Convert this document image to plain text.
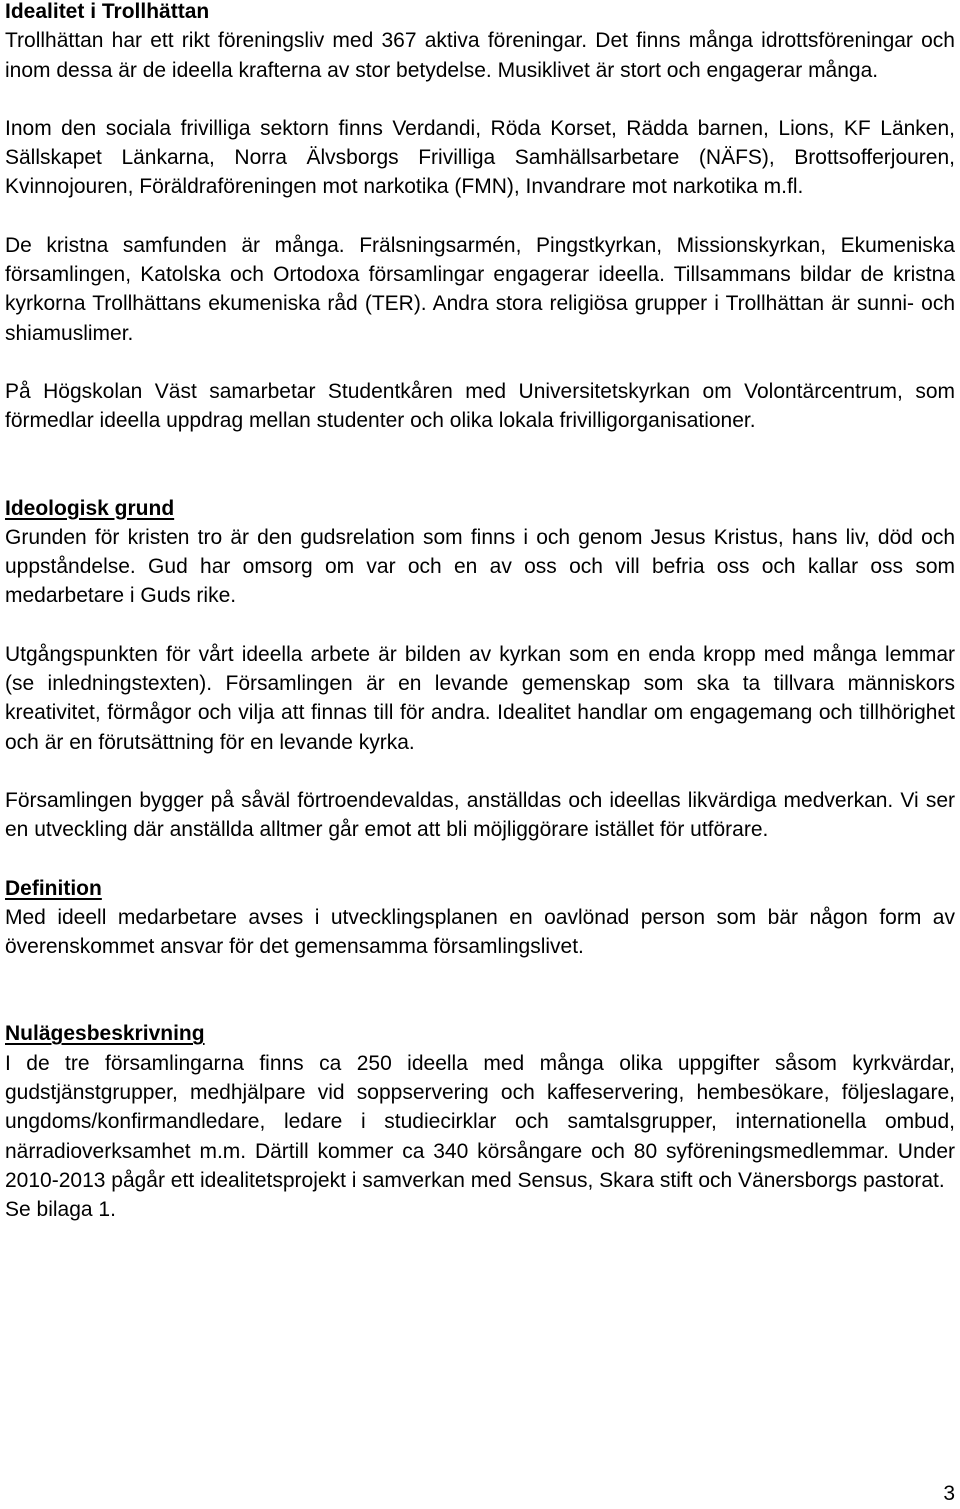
Idealitet i Trollhättan

Trollhättan har ett rikt föreningsliv med 367 aktiva föreningar. Det finns många idrottsföreningar och inom dessa är de ideella krafterna av stor betydelse. Musiklivet är stort och engagerar många.

Inom den sociala frivilliga sektorn finns Verdandi, Röda Korset, Rädda barnen, Lions, KF Länken, Sällskapet Länkarna, Norra Älvsborgs Frivilliga Samhällsarbetare (NÄFS), Brottsofferjouren, Kvinnojouren, Föräldraföreningen mot narkotika (FMN), Invandrare mot narkotika m.fl.

De kristna samfunden är många. Frälsningsarmén, Pingstkyrkan, Missionskyrkan, Ekumeniska församlingen, Katolska och Ortodoxa församlingar engagerar ideella. Tillsammans bildar de kristna kyrkorna Trollhättans ekumeniska råd (TER). Andra stora religiösa grupper i Trollhättan är sunni- och shiamuslimer.

På Högskolan Väst samarbetar Studentkåren med Universitetskyrkan om Volontärcentrum, som förmedlar ideella uppdrag mellan studenter och olika lokala frivilligorganisationer.

Ideologisk grund

Grunden för kristen tro är den gudsrelation som finns i och genom Jesus Kristus, hans liv, död och uppståndelse. Gud har omsorg om var och en av oss och vill befria oss och kallar oss som medarbetare i Guds rike.

Utgångspunkten för vårt ideella arbete är bilden av kyrkan som en enda kropp med många lemmar (se inledningstexten). Församlingen är en levande gemenskap som ska ta tillvara människors kreativitet, förmågor och vilja att finnas till för andra. Idealitet handlar om engagemang och tillhörighet och är en förutsättning för en levande kyrka.

Församlingen bygger på såväl förtroendevaldas, anställdas och ideellas likvärdiga medverkan. Vi ser en utveckling där anställda alltmer går emot att bli möjliggörare istället för utförare.

Definition

Med ideell medarbetare avses i utvecklingsplanen en oavlönad person som bär någon form av överenskommet ansvar för det gemensamma församlingslivet.

Nulägesbeskrivning

I de tre församlingarna finns ca 250 ideella med många olika uppgifter såsom kyrkvärdar, gudstjänstgrupper, medhjälpare vid soppservering och kaffeservering, hembesökare, följeslagare, ungdoms/konfirmandledare, ledare i studiecirklar och samtalsgrupper, internationella ombud, närradioverksamhet m.m. Därtill kommer ca 340 körsångare och 80 syföreningsmedlemmar. Under 2010-2013 pågår ett idealitetsprojekt i samverkan med Sensus, Skara stift och Vänersborgs pastorat.

Se bilaga 1.

3
